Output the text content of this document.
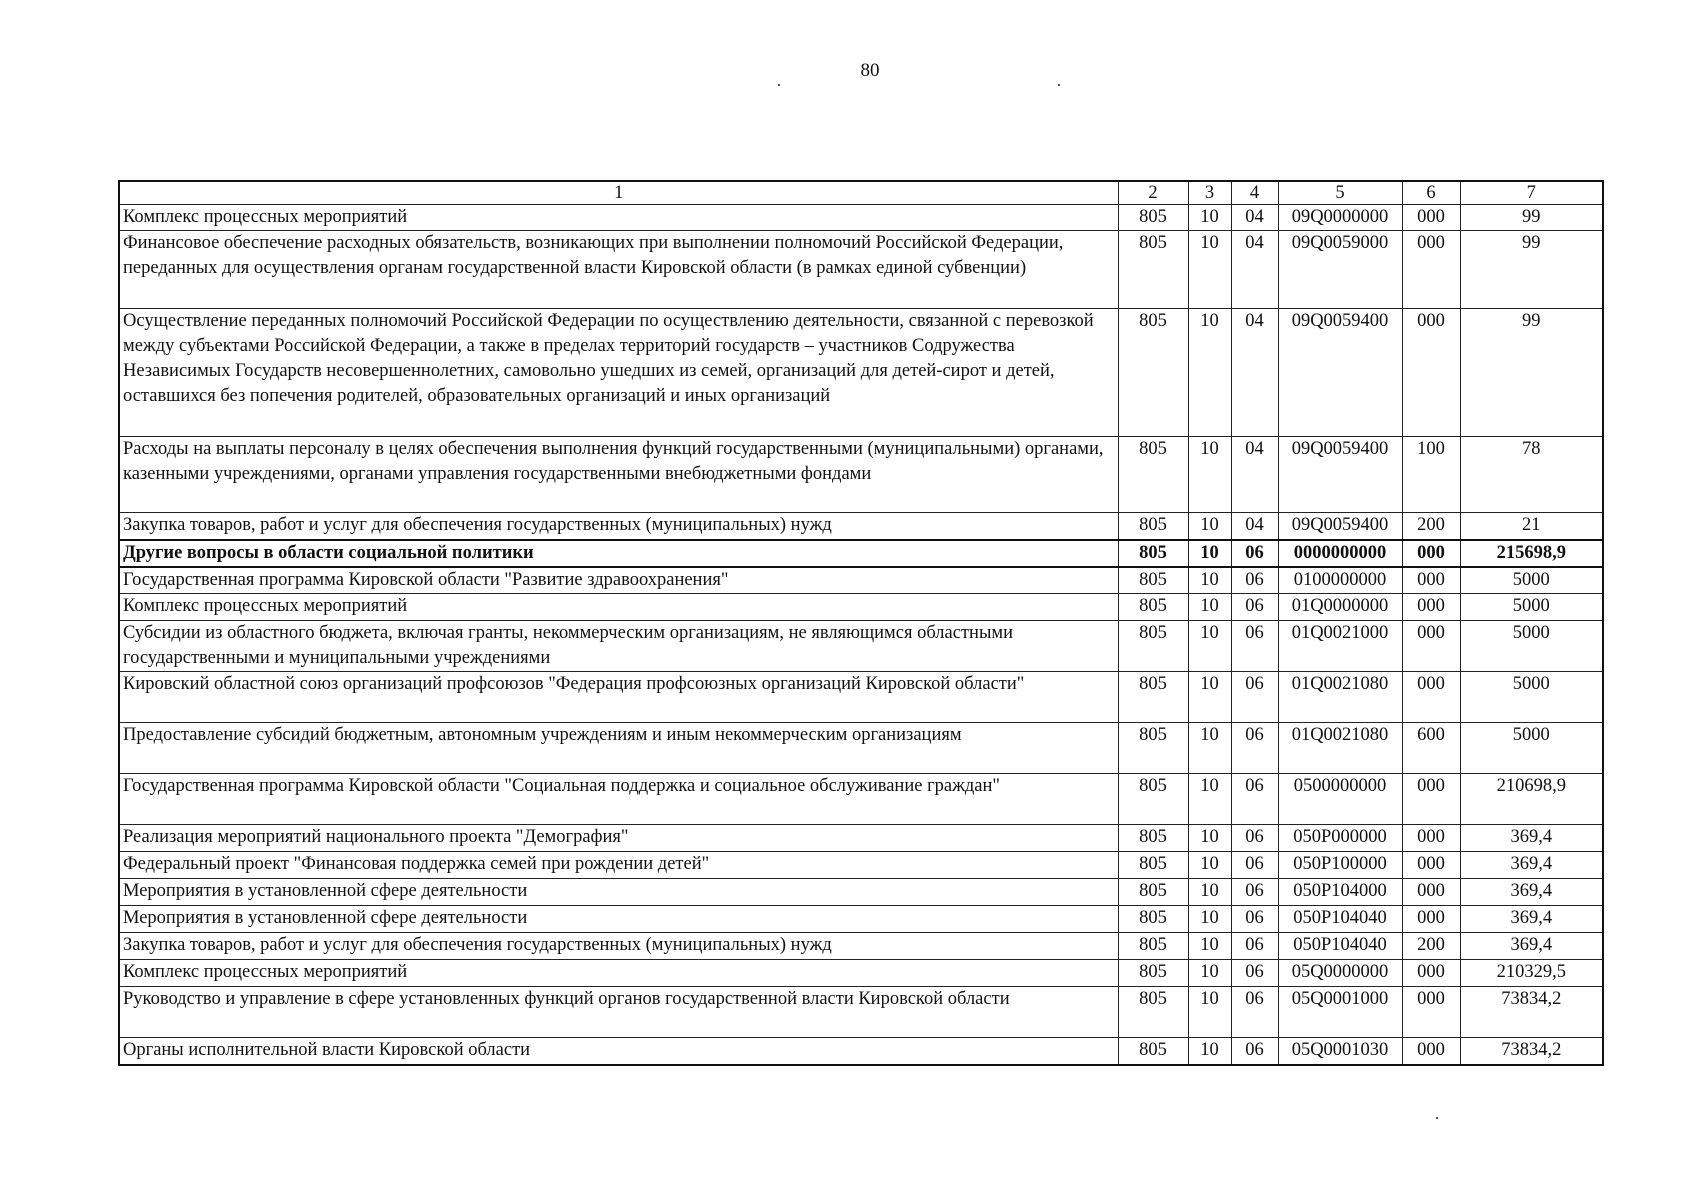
80
1	2	3	4	5	6	7
Комплекс процессных мероприятий	805	10	04	09Q0000000	000	99
Финансовое обеспечение расходных обязательств, возникающих при выполнении полномочий Российской Федерации, переданных для осуществления органам государственной власти Кировской области (в рамках единой субвенции)	805	10	04	09Q0059000	000	99
Осуществление переданных полномочий Российской Федерации по осуществлению деятельности, связанной с перевозкой между субъектами Российской Федерации, а также в пределах территорий государств – участников Содружества Независимых Государств несовершеннолетних, самовольно ушедших из семей, организаций для детей-сирот и детей, оставшихся без попечения родителей, образовательных организаций и иных организаций	805	10	04	09Q0059400	000	99
Расходы на выплаты персоналу в целях обеспечения выполнения функций государственными (муниципальными) органами, казенными учреждениями, органами управления государственными внебюджетными фондами	805	10	04	09Q0059400	100	78
Закупка товаров, работ и услуг для обеспечения государственных (муниципальных) нужд	805	10	04	09Q0059400	200	21
Другие вопросы в области социальной политики	805	10	06	0000000000	000	215698,9
Государственная программа Кировской области "Развитие здравоохранения"	805	10	06	0100000000	000	5000
Комплекс процессных мероприятий	805	10	06	01Q0000000	000	5000
Субсидии из областного бюджета, включая гранты, некоммерческим организациям, не являющимся областными государственными и муниципальными учреждениями	805	10	06	01Q0021000	000	5000
Кировский областной союз организаций профсоюзов "Федерация профсоюзных организаций Кировской области"	805	10	06	01Q0021080	000	5000
Предоставление субсидий бюджетным, автономным учреждениям и иным некоммерческим организациям	805	10	06	01Q0021080	600	5000
Государственная программа Кировской области "Социальная поддержка и социальное обслуживание граждан"	805	10	06	0500000000	000	210698,9
Реализация мероприятий национального проекта "Демография"	805	10	06	050Р000000	000	369,4
Федеральный проект "Финансовая поддержка семей при рождении детей"	805	10	06	050Р100000	000	369,4
Мероприятия в установленной сфере деятельности	805	10	06	050Р104000	000	369,4
Мероприятия в установленной сфере деятельности	805	10	06	050Р104040	000	369,4
Закупка товаров, работ и услуг для обеспечения государственных (муниципальных) нужд	805	10	06	050Р104040	200	369,4
Комплекс процессных мероприятий	805	10	06	05Q0000000	000	210329,5
Руководство и управление в сфере установленных функций органов государственной власти Кировской области	805	10	06	05Q0001000	000	73834,2
Органы исполнительной власти Кировской области	805	10	06	05Q0001030	000	73834,2
